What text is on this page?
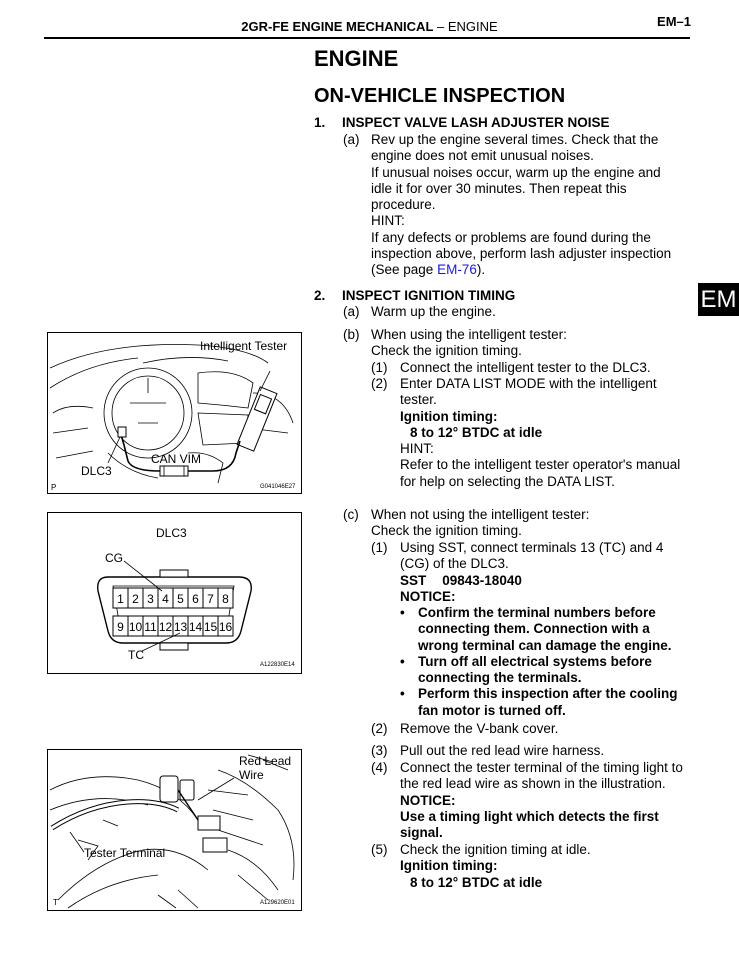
2GR-FE ENGINE MECHANICAL – ENGINE	EM–1
EM
ENGINE
ON-VEHICLE INSPECTION
1. INSPECT VALVE LASH ADJUSTER NOISE
(a) Rev up the engine several times. Check that the
engine does not emit unusual noises.
If unusual noises occur, warm up the engine and
idle it for over 30 minutes. Then repeat this
procedure.
HINT:
If any defects or problems are found during the
inspection above, perform lash adjuster inspection
(See page EM-76).
2. INSPECT IGNITION TIMING
(a) Warm up the engine.
(b) When using the intelligent tester:
Check the ignition timing.
(1) Connect the intelligent tester to the DLC3.
(2) Enter DATA LIST MODE with the intelligent
tester.
Ignition timing:
8 to 12° BTDC at idle
HINT:
Refer to the intelligent tester operator's manual
for help on selecting the DATA LIST.
(c) When not using the intelligent tester:
Check the ignition timing.
(1) Using SST, connect terminals 13 (TC) and 4
(CG) of the DLC3.
SST 09843-18040
NOTICE:
• Confirm the terminal numbers before
connecting them. Connection with a
wrong terminal can damage the engine.
• Turn off all electrical systems before
connecting the terminals.
• Perform this inspection after the cooling
fan motor is turned off.
(2) Remove the V-bank cover.
(3) Pull out the red lead wire harness.
(4) Connect the tester terminal of the timing light to
the red lead wire as shown in the illustration.
NOTICE:
Use a timing light which detects the first
signal.
(5) Check the ignition timing at idle.
Ignition timing:
8 to 12° BTDC at idle
Intelligent Tester
CAN VIM
DLC3
P	G041046E27
DLC3
1 2 3 4 5 6 7 8
9 10 11 12 13 14 15 16
CG
TC
A122830E14
Red Lead
Wire
Tester Terminal
T	A129620E01
